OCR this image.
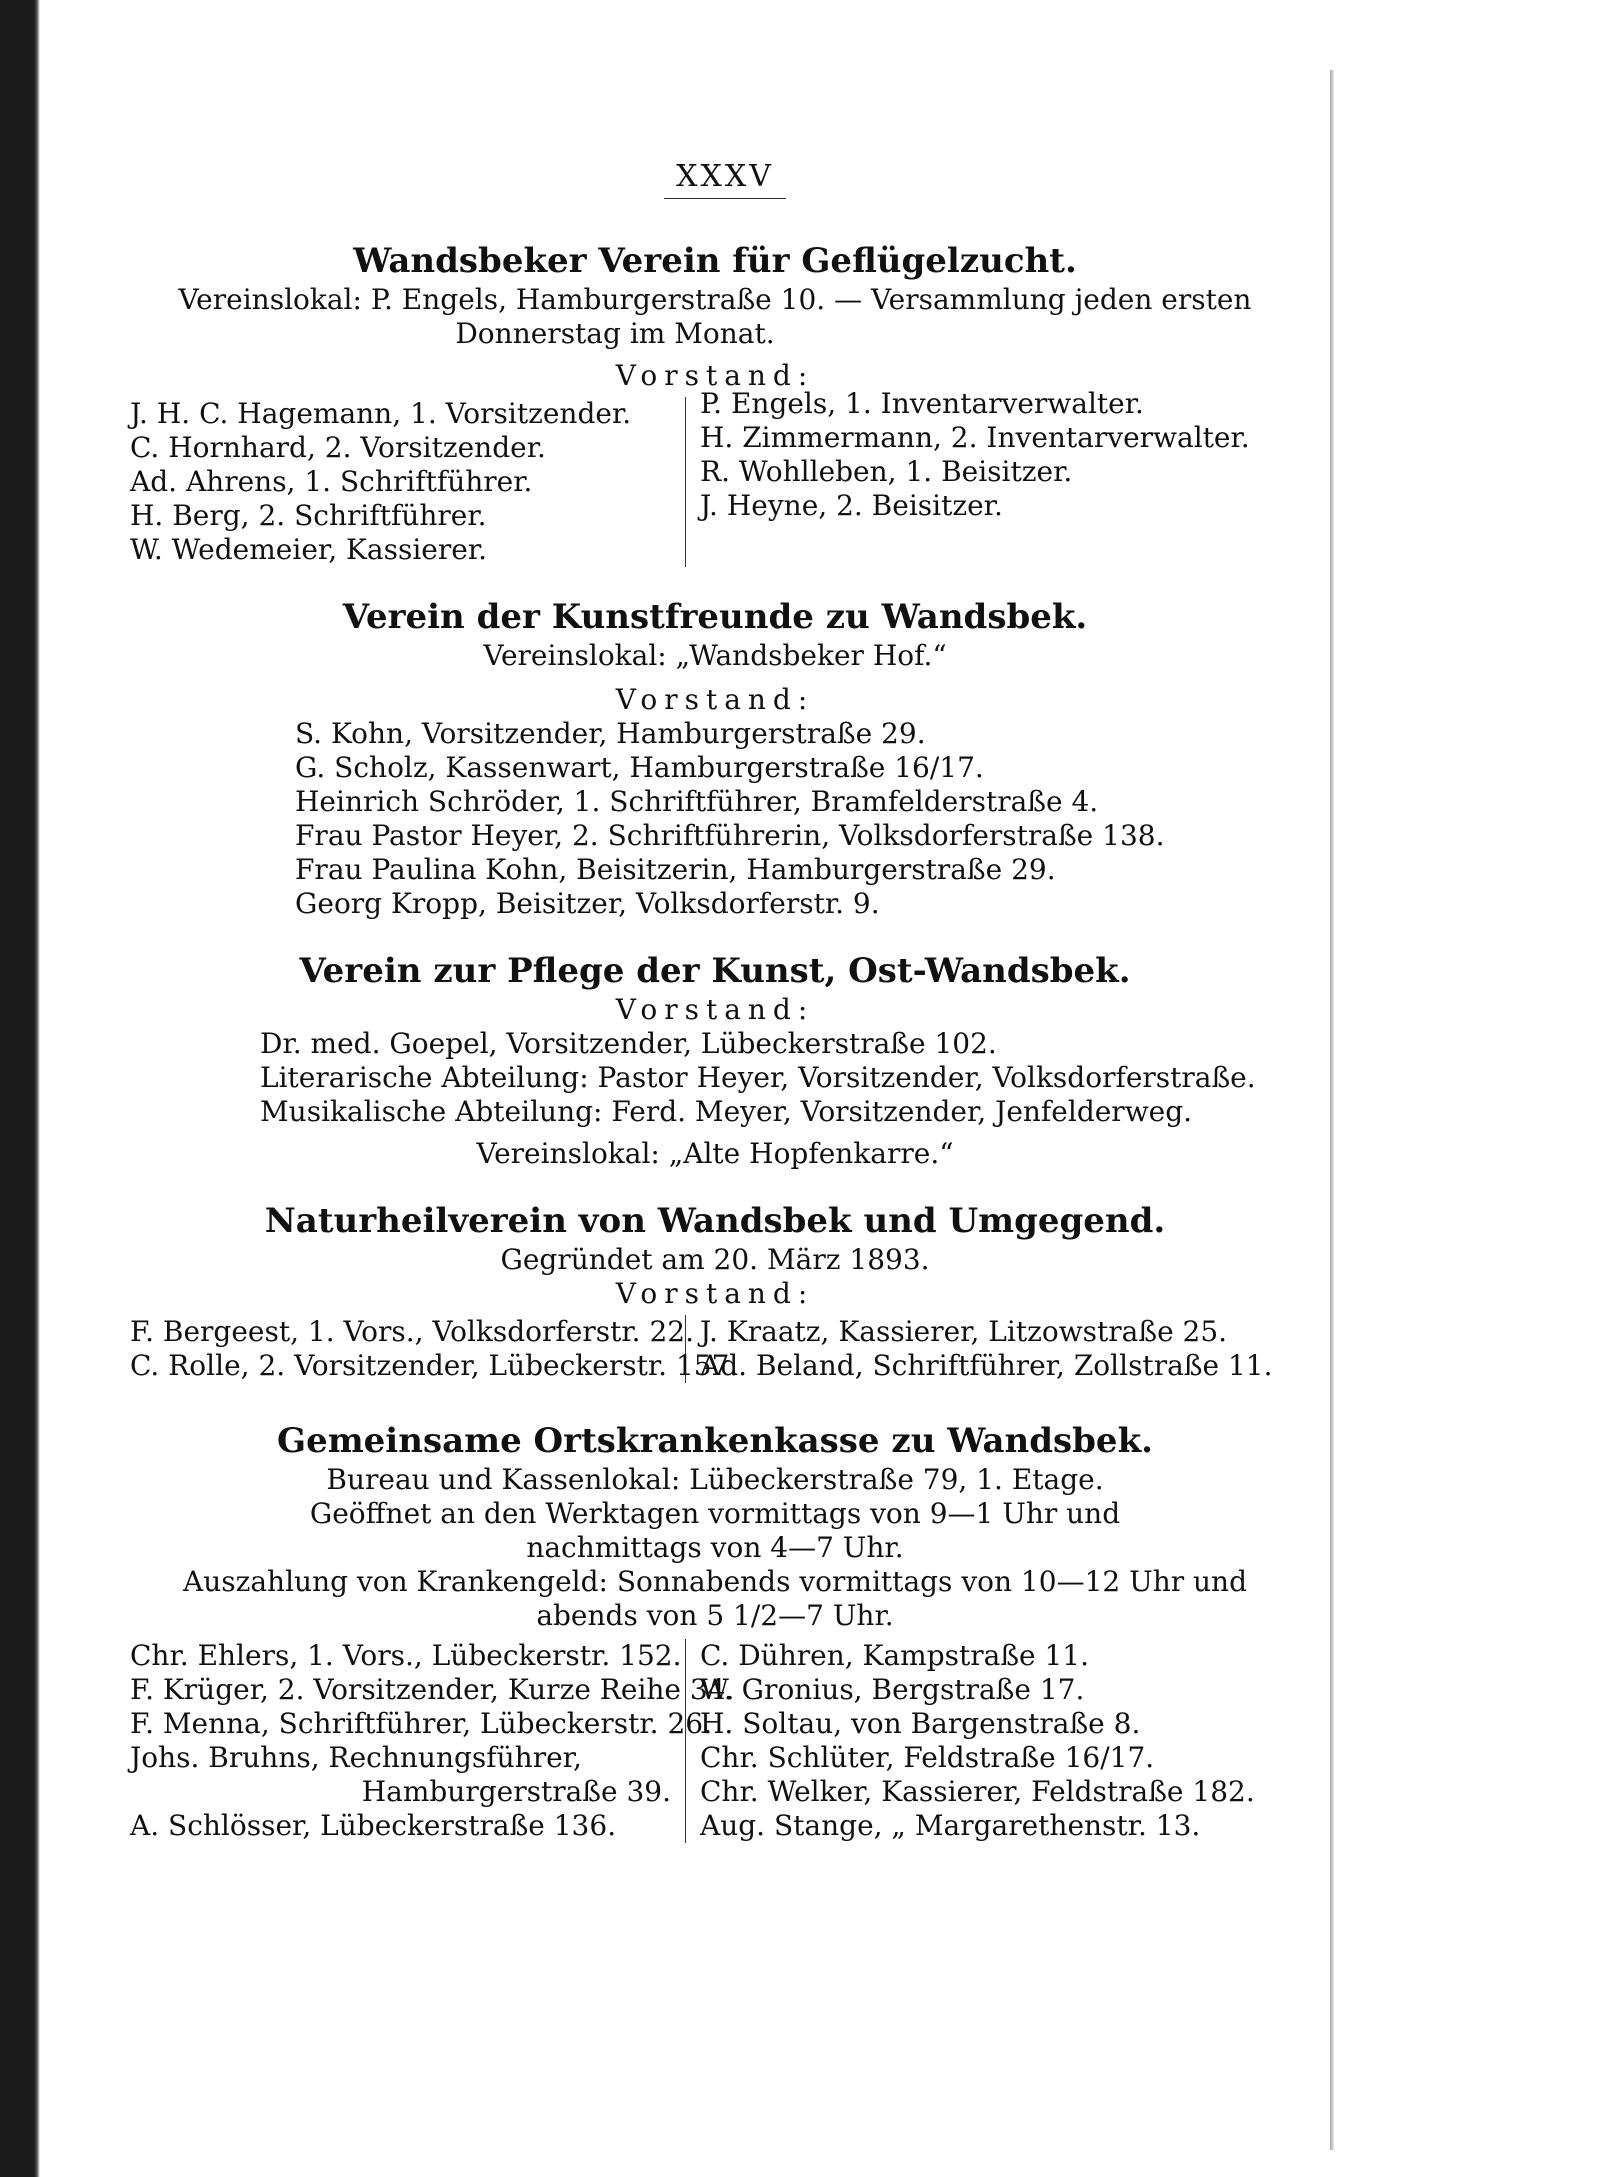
XXXV
Wandsbeker Verein für Geflügelzucht.
Vereinslokal: P. Engels, Hamburgerstraße 10. — Versammlung jeden ersten
Donnerstag im Monat.
Vorstand:
J. H. C. Hagemann, 1. Vorsitzender.
C. Hornhard, 2. Vorsitzender.
Ad. Ahrens, 1. Schriftführer.
H. Berg, 2. Schriftführer.
W. Wedemeier, Kassierer.
P. Engels, 1. Inventarverwalter.
H. Zimmermann, 2. Inventarverwalter.
R. Wohlleben, 1. Beisitzer.
J. Heyne, 2. Beisitzer.
Verein der Kunstfreunde zu Wandsbek.
Vereinslokal: „Wandsbeker Hof.“
Vorstand:
S. Kohn, Vorsitzender, Hamburgerstraße 29.
G. Scholz, Kassenwart, Hamburgerstraße 16/17.
Heinrich Schröder, 1. Schriftführer, Bramfelderstraße 4.
Frau Pastor Heyer, 2. Schriftführerin, Volksdorferstraße 138.
Frau Paulina Kohn, Beisitzerin, Hamburgerstraße 29.
Georg Kropp, Beisitzer, Volksdorferstr. 9.
Verein zur Pflege der Kunst, Ost-Wandsbek.
Vorstand:
Dr. med. Goepel, Vorsitzender, Lübeckerstraße 102.
Literarische Abteilung: Pastor Heyer, Vorsitzender, Volksdorferstraße.
Musikalische Abteilung: Ferd. Meyer, Vorsitzender, Jenfelderweg.
Vereinslokal: „Alte Hopfenkarre.“
Naturheilverein von Wandsbek und Umgegend.
Gegründet am 20. März 1893.
Vorstand:
F. Bergeest, 1. Vors., Volksdorferstr. 22.
C. Rolle, 2. Vorsitzender, Lübeckerstr. 157.
J. Kraatz, Kassierer, Litzowstraße 25.
Ad. Beland, Schriftführer, Zollstraße 11.
Gemeinsame Ortskrankenkasse zu Wandsbek.
Bureau und Kassenlokal: Lübeckerstraße 79, 1. Etage.
Geöffnet an den Werktagen vormittags von 9—1 Uhr und
nachmittags von 4—7 Uhr.
Auszahlung von Krankengeld: Sonnabends vormittags von 10—12 Uhr und
abends von 5 1/2—7 Uhr.
Chr. Ehlers, 1. Vors., Lübeckerstr. 152.
F. Krüger, 2. Vorsitzender, Kurze Reihe 34.
F. Menna, Schriftführer, Lübeckerstr. 26.
Johs. Bruhns, Rechnungsführer,
Hamburgerstraße 39.
A. Schlösser, Lübeckerstraße 136.
C. Dühren, Kampstraße 11.
W. Gronius, Bergstraße 17.
H. Soltau, von Bargenstraße 8.
Chr. Schlüter, Feldstraße 16/17.
Chr. Welker, Kassierer, Feldstraße 182.
Aug. Stange, „ Margarethenstr. 13.
